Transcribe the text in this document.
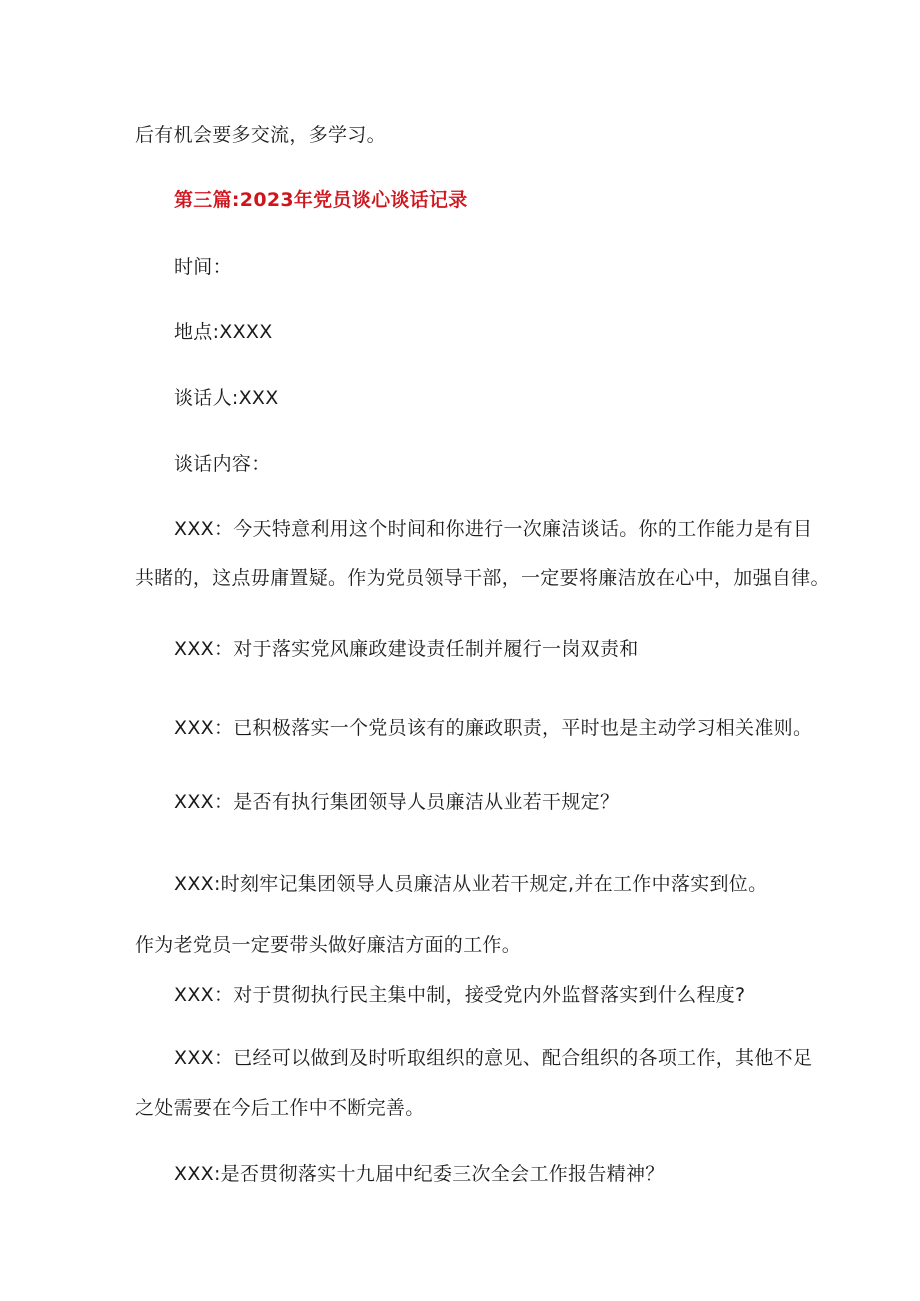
后有机会要多交流，多学习。
第三篇:2023年党员谈心谈话记录
时间：
地点:XXXX
谈话人:XXX
谈话内容：
XXX：今天特意利用这个时间和你进行一次廉洁谈话。你的工作能力是有目
共睹的，这点毋庸置疑。作为党员领导干部，一定要将廉洁放在心中，加强自律。
XXX：对于落实党风廉政建设责任制并履行一岗双责和
XXX：已积极落实一个党员该有的廉政职责，平时也是主动学习相关准则。
XXX：是否有执行集团领导人员廉洁从业若干规定？
XXX:时刻牢记集团领导人员廉洁从业若干规定,并在工作中落实到位。
作为老党员一定要带头做好廉洁方面的工作。
XXX：对于贯彻执行民主集中制，接受党内外监督落实到什么程度?
XXX：已经可以做到及时听取组织的意见、配合组织的各项工作，其他不足
之处需要在今后工作中不断完善。
XXX:是否贯彻落实十九届中纪委三次全会工作报告精神？
